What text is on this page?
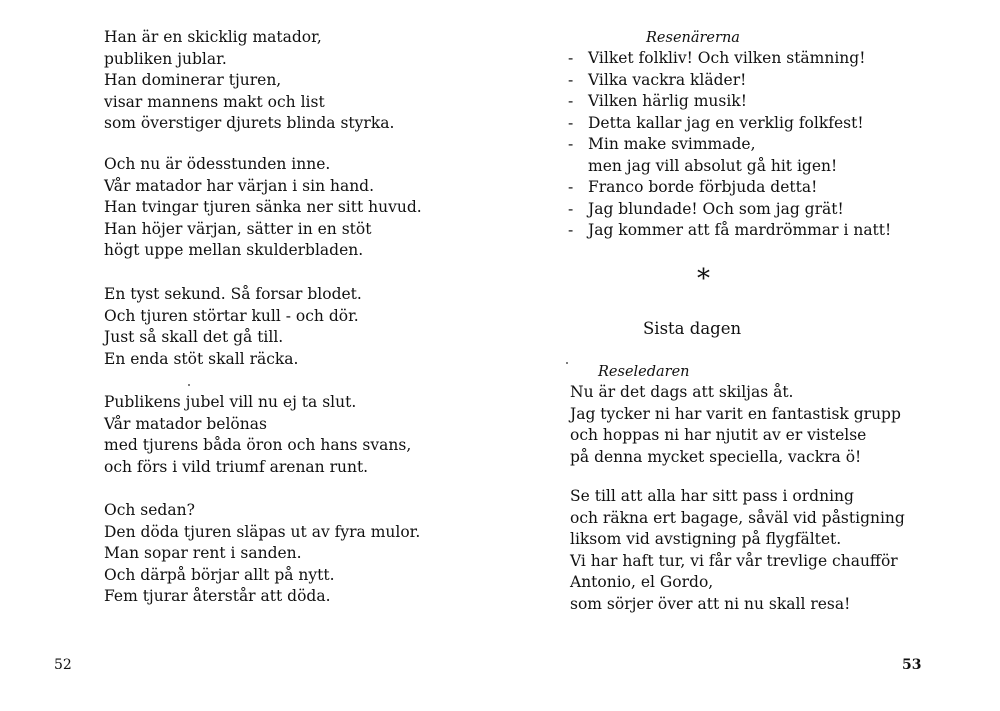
Han är en skicklig matador,
publiken jublar.
Han dominerar tjuren,
visar mannens makt och list
som överstiger djurets blinda styrka.
Och nu är ödesstunden inne.
Vår matador har värjan i sin hand.
Han tvingar tjuren sänka ner sitt huvud.
Han höjer värjan, sätter in en stöt
högt uppe mellan skulderbladen.
En tyst sekund. Så forsar blodet.
Och tjuren störtar kull - och dör.
Just så skall det gå till.
En enda stöt skall räcka.
Publikens jubel vill nu ej ta slut.
Vår matador belönas
med tjurens båda öron och hans svans,
och förs i vild triumf arenan runt.
Och sedan?
Den döda tjuren släpas ut av fyra mulor.
Man sopar rent i sanden.
Och därpå börjar allt på nytt.
Fem tjurar återstår att döda.
52
Resenärerna
- Vilket folkliv! Och vilken stämning!
- Vilka vackra kläder!
- Vilken härlig musik!
- Detta kallar jag en verklig folkfest!
- Min make svimmade,
men jag vill absolut gå hit igen!
- Franco borde förbjuda detta!
- Jag blundade! Och som jag grät!
- Jag kommer att få mardrömmar i natt!
*
Sista dagen
Reseledaren
Nu är det dags att skiljas åt.
Jag tycker ni har varit en fantastisk grupp
och hoppas ni har njutit av er vistelse
på denna mycket speciella, vackra ö!
Se till att alla har sitt pass i ordning
och räkna ert bagage, såväl vid påstigning
liksom vid avstigning på flygfältet.
Vi har haft tur, vi får vår trevlige chaufför
Antonio, el Gordo,
som sörjer över att ni nu skall resa!
53
